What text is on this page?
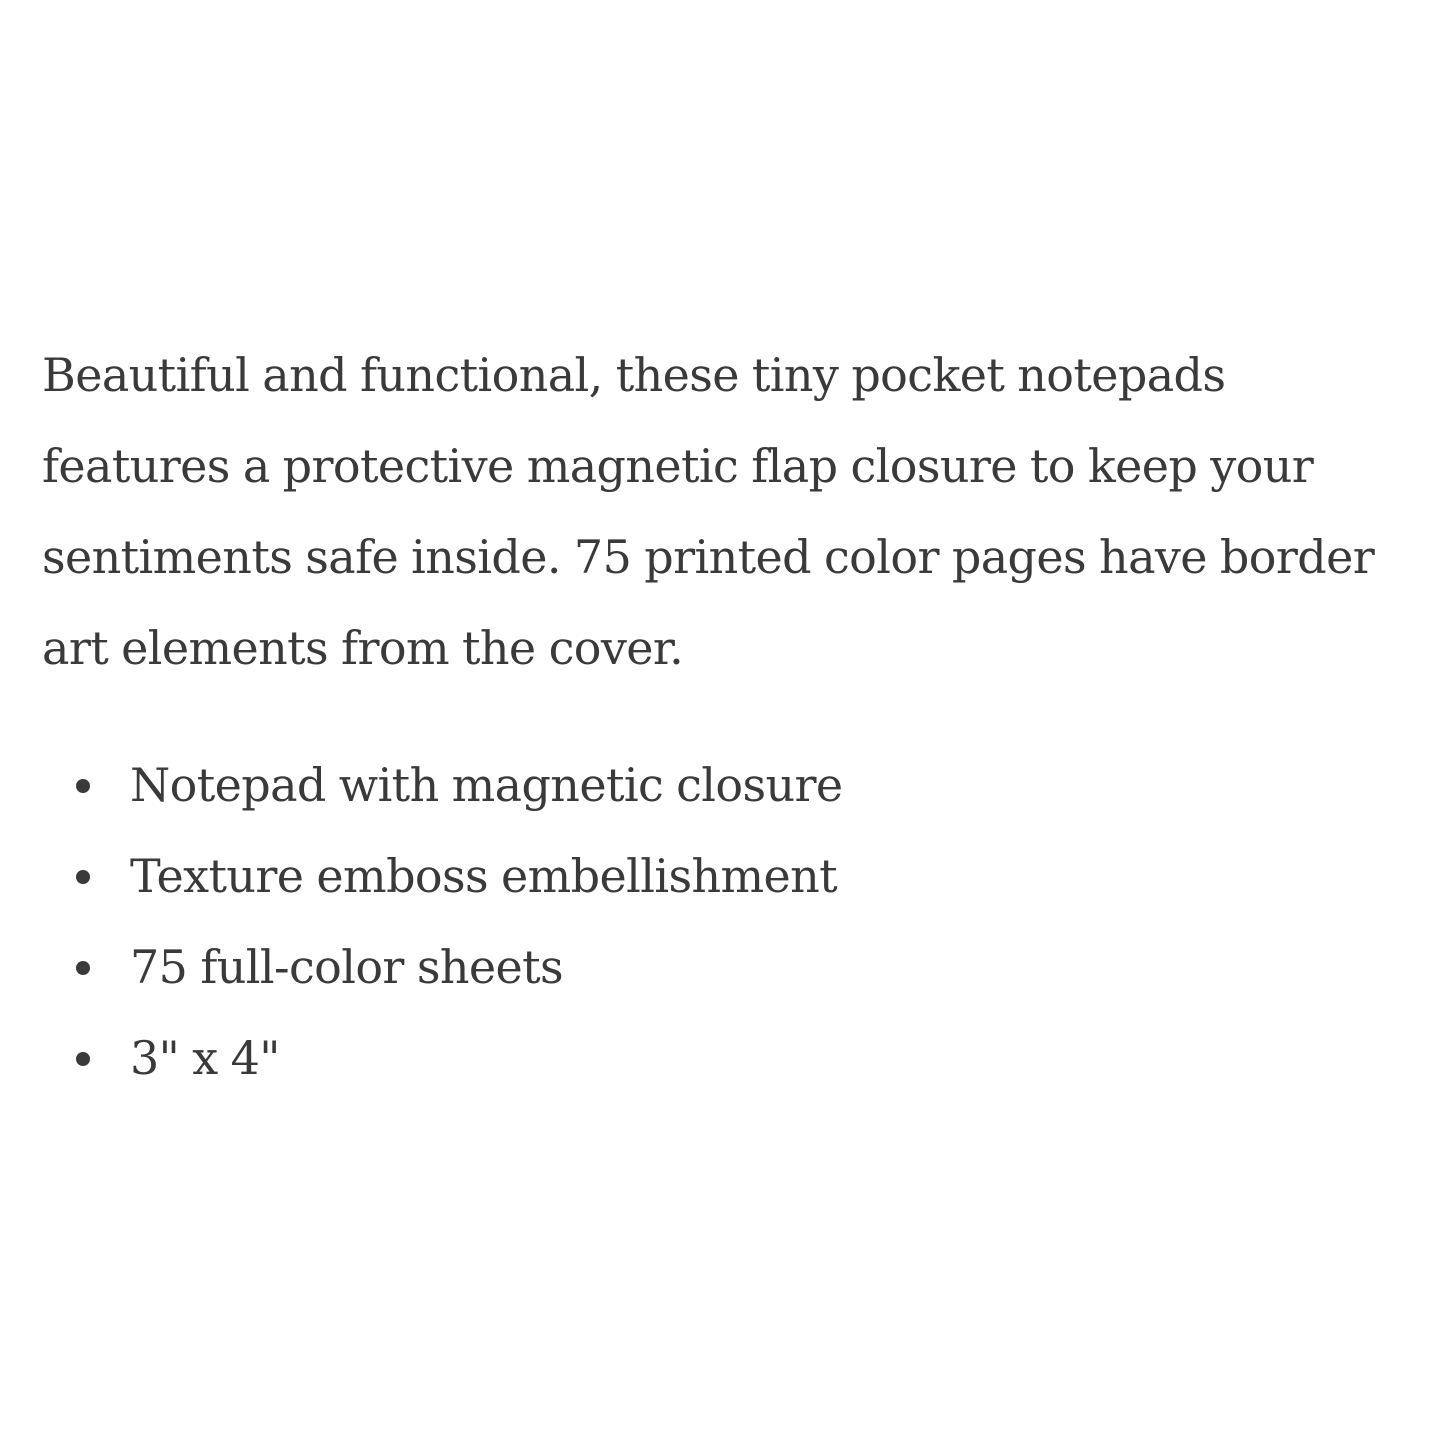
Beautiful and functional, these tiny pocket notepads features a protective magnetic flap closure to keep your sentiments safe inside. 75 printed color pages have border art elements from the cover.

Notepad with magnetic closure
Texture emboss embellishment
75 full-color sheets
3" x 4"
